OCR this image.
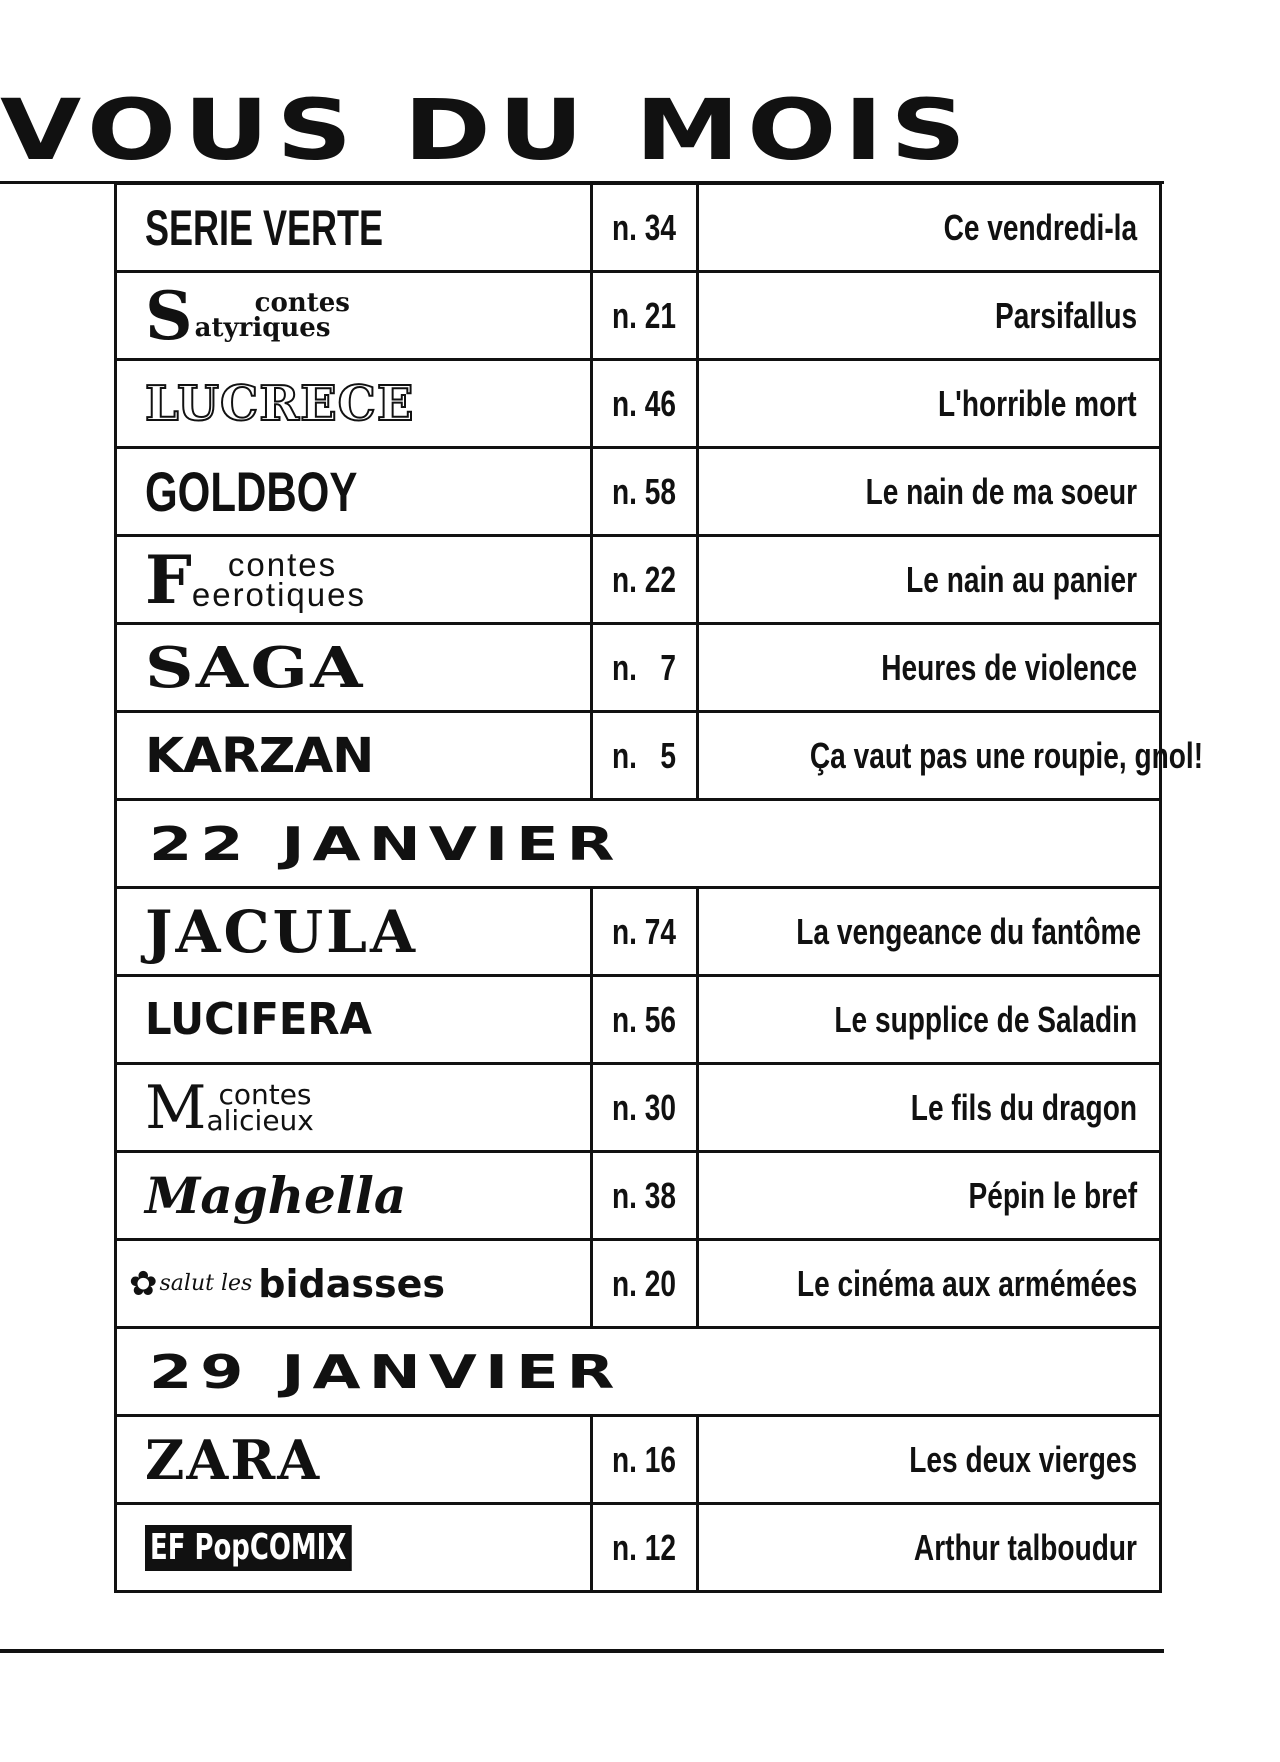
VOUS DU MOIS
SERIE VERTE	n. 34	Ce vendredi-la

S contes
atyriques	n. 21	Parsifallus
LUCRECE	n. 46	L'horrible mort
GOLDBOY	n. 58	Le nain de ma soeur

F contes
eerotiques	n. 22	Le nain au panier
SAGA	n.   7	Heures de violence
KARZAN	n.   5	Ça vaut pas une roupie, gnol!
22 JANVIER		
JACULA	n. 74	La vengeance du fantôme
LUCIFERA	n. 56	Le supplice de Saladin

M contes
alicieux	n. 30	Le fils du dragon
Maghella	n. 38	Pépin le bref

✿ salut les bidasses	n. 20	Le cinéma aux armémées
29 JANVIER		
ZARA	n. 16	Les deux vierges
EF PopCOMIX	n. 12	Arthur talboudur
